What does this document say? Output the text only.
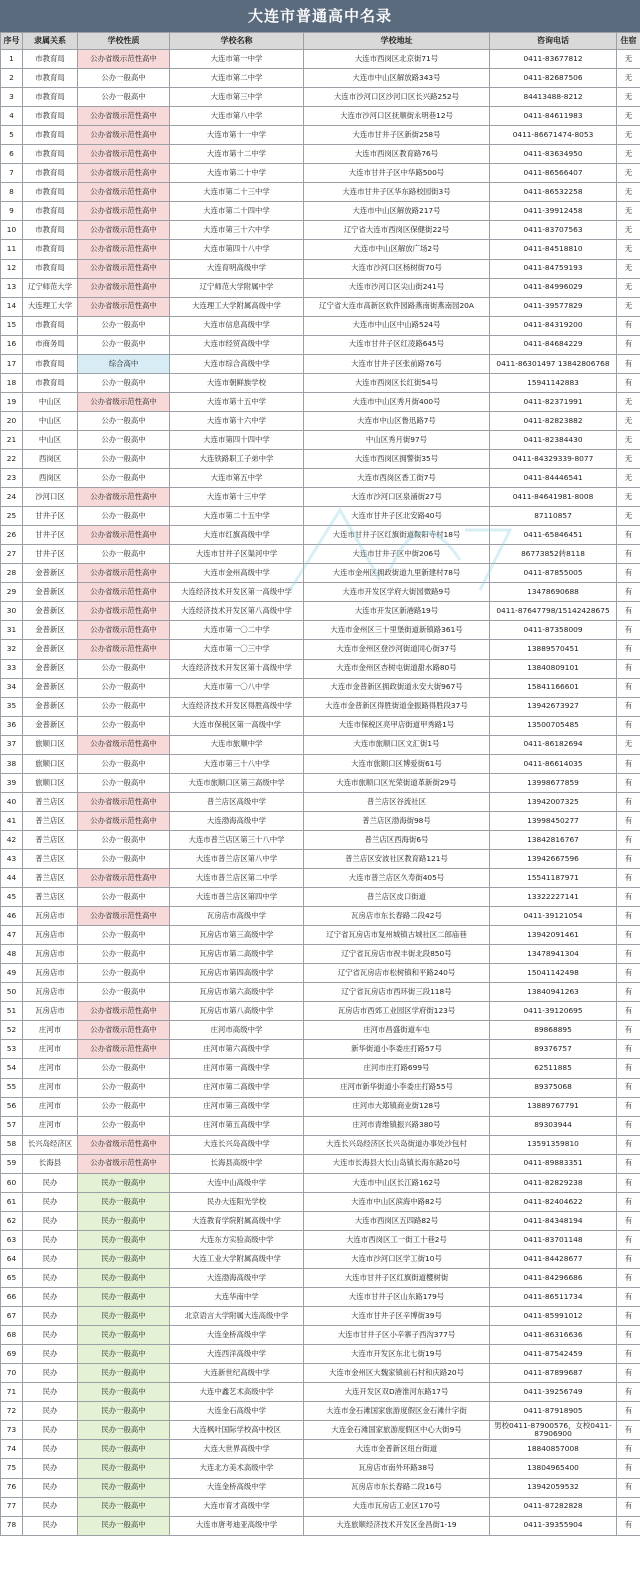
大连市普通高中名录
序号	隶属关系	学校性质	学校名称	学校地址	咨询电话	住宿
1	市教育局	公办省级示范性高中	大连市第一中学	大连市西岗区北京街71号	0411-83677812	无
2	市教育局	公办一般高中	大连市第二中学	大连市中山区解放路343号	0411-82687506	无
3	市教育局	公办一般高中	大连市第三中学	大连市沙河口区沙河口区长兴路252号	84413488-8212	无
4	市教育局	公办省级示范性高中	大连市第八中学	大连市沙河口区抚顺街永明巷12号	0411-84611983	无
5	市教育局	公办省级示范性高中	大连市第十一中学	大连市甘井子区新街258号	0411-86671474-8053	无
6	市教育局	公办省级示范性高中	大连市第十二中学	大连市西岗区教育路76号	0411-83634950	无
7	市教育局	公办省级示范性高中	大连市第二十中学	大连市甘井子区中华路500号	0411-86566407	无
8	市教育局	公办省级示范性高中	大连市第二十三中学	大连市甘井子区华东路校园街3号	0411-86532258	无
9	市教育局	公办省级示范性高中	大连市第二十四中学	大连市中山区解放路217号	0411-39912458	无
10	市教育局	公办省级示范性高中	大连市第三十六中学	辽宁省大连市西岗区保健街22号	0411-83707563	无
11	市教育局	公办省级示范性高中	大连市第四十八中学	大连市中山区解放广场2号	0411-84518810	无
12	市教育局	公办省级示范性高中	大连育明高级中学	大连市沙河口区杨树街70号	0411-84759193	无
13	辽宁师范大学	公办省级示范性高中	辽宁师范大学附属中学	大连市沙河口区尖山街241号	0411-84996029	无
14	大连理工大学	公办省级示范性高中	大连理工大学附属高级中学	辽宁省大连市高新区软件园路燕南街燕南园20A	0411-39577829	无
15	市教育局	公办一般高中	大连市信息高级中学	大连市中山区中山路524号	0411-84319200	有
16	市商务局	公办一般高中	大连市经贸高级中学	大连市甘井子区红凌路645号	0411-84684229	有
17	市教育局	综合高中	大连市综合高级中学	大连市甘井子区张前路76号	0411-86301497 13842806768	有
18	市教育局	公办一般高中	大连市朝鲜族学校	大连市西岗区长红街54号	15941142883	有
19	中山区	公办省级示范性高中	大连市第十五中学	大连市中山区秀月街400号	0411-82371991	无
20	中山区	公办一般高中	大连市第十六中学	大连市中山区鲁迅路7号	0411-82823882	无
21	中山区	公办一般高中	大连市第四十四中学	中山区秀月街97号	0411-82384430	无
22	西岗区	公办一般高中	大连铁路职工子弟中学	大连市西岗区拥警街35号	0411-84329339-8077	无
23	西岗区	公办一般高中	大连市第五中学	大连市西岗区香工街7号	0411-84446541	无
24	沙河口区	公办省级示范性高中	大连市第十三中学	大连市沙河口区泉涌街27号	0411-84641981-8008	无
25	甘井子区	公办一般高中	大连市第二十五中学	大连市甘井子区北安路40号	87110857	无
26	甘井子区	公办省级示范性高中	大连市红旗高级中学	大连市甘井子区红旗街道鞍阳寺村18号	0411-65846451	有
27	甘井子区	公办一般高中	大连市甘井子区渠河中学	大连市甘井子区中街206号	86773852转8118	有
28	金普新区	公办省级示范性高中	大连市金州高级中学	大连市金州区拥政街道九里新建村78号	0411-87855005	有
29	金普新区	公办省级示范性高中	大连经济技术开发区第一高级中学	大连市开发区学府大街园微路9号	13478690688	有
30	金普新区	公办省级示范性高中	大连经济技术开发区第八高级中学	大连市开发区新港路19号	0411-87647798/15142428675	有
31	金普新区	公办省级示范性高中	大连市第一〇二中学	大连市金州区三十里堡街道新镇路361号	0411-87358009	有
32	金普新区	公办省级示范性高中	大连市第一〇三中学	大连市金州区登沙河街道同心街37号	13889570451	有
33	金普新区	公办一般高中	大连经济技术开发区第十高级中学	大连市金州区杏树屯街道甜水路80号	13840809101	有
34	金普新区	公办一般高中	大连市第一〇八中学	大连市金普新区拥政街道永安大街967号	15841166601	有
35	金普新区	公办一般高中	大连经济技术开发区得胜高级中学	大连市金普新区得胜街道金振路得胜段37号	13942673927	有
36	金普新区	公办一般高中	大连市保税区第一高级中学	大连市保税区亮甲店街道甲秀路1号	13500705485	有
37	旅顺口区	公办省级示范性高中	大连市旅顺中学	大连市旅顺口区文汇街1号	0411-86182694	无
38	旅顺口区	公办一般高中	大连市第三十八中学	大连市旅顺口区博爱街61号	0411-86614035	有
39	旅顺口区	公办一般高中	大连市旅顺口区第三高级中学	大连市旅顺口区光荣街道革新街29号	13998677859	有
40	普兰店区	公办省级示范性高中	普兰店区高级中学	普兰店区谷流社区	13942007325	有
41	普兰店区	公办省级示范性高中	大连渤海高级中学	普兰店区渤海街98号	13998450277	有
42	普兰店区	公办一般高中	大连市普兰店区第三十八中学	普兰店区西海街6号	13842816767	有
43	普兰店区	公办一般高中	大连市普兰店区第八中学	普兰店区安波社区教育路121号	13942667596	有
44	普兰店区	公办省级示范性高中	大连市普兰店区第二中学	大连市普兰店区久寿街405号	15541187971	有
45	普兰店区	公办一般高中	大连市普兰店区第四中学	普兰店区皮口街道	13322227141	有
46	瓦房店市	公办省级示范性高中	瓦房店市高级中学	瓦房店市东长春路二段42号	0411-39121054	有
47	瓦房店市	公办一般高中	瓦房店市第三高级中学	辽宁省瓦房店市复州城镇古城社区二郎庙巷	13942091461	有
48	瓦房店市	公办一般高中	瓦房店市第二高级中学	辽宁省瓦房店市祝丰街北段850号	13478941304	有
49	瓦房店市	公办一般高中	瓦房店市第四高级中学	辽宁省瓦房店市松树镇和平路240号	15041142498	有
50	瓦房店市	公办一般高中	瓦房店市第六高级中学	辽宁省瓦房店市西环街三段118号	13840941263	有
51	瓦房店市	公办省级示范性高中	瓦房店市第八高级中学	瓦房店市西郊工业园区学府街123号	0411-39120695	有
52	庄河市	公办省级示范性高中	庄河市高级中学	庄河市昌盛街道车屯	89868895	有
53	庄河市	公办省级示范性高中	庄河市第六高级中学	新华街道小李委庄打路57号	89376757	有
54	庄河市	公办一般高中	庄河市第一高级中学	庄河市庄打路699号	62511885	有
55	庄河市	公办一般高中	庄河市第二高级中学	庄河市新华街道小李委庄打路55号	89375068	有
56	庄河市	公办一般高中	庄河市第三高级中学	庄河市大郑镇商业街128号	13889767791	有
57	庄河市	公办一般高中	庄河市第五高级中学	庄河市青维镇振兴路380号	89303944	有
58	长兴岛经济区	公办省级示范性高中	大连长兴岛高级中学	大连长兴岛经济区长兴岛街道办事处沙包村	13591359810	有
59	长海县	公办省级示范性高中	长海县高级中学	大连市长海县大长山岛镇长海东路20号	0411-89883351	有
60	民办	民办一般高中	大连中山高级中学	大连市中山区长江路162号	0411-82829238	有
61	民办	民办一般高中	民办大连阳光学校	大连市中山区滨海中路82号	0411-82404622	有
62	民办	民办一般高中	大连教育学院附属高级中学	大连市西岗区五四路82号	0411-84348194	有
63	民办	民办一般高中	大连东方实验高级中学	大连市西岗区工一街工十巷2号	0411-83701148	有
64	民办	民办一般高中	大连工业大学附属高级中学	大连市沙河口区学工街10号	0411-84428677	有
65	民办	民办一般高中	大连渤海高级中学	大连市甘井子区红旗街道樱树街	0411-84296686	有
66	民办	民办一般高中	大连华南中学	大连市甘井子区山东路179号	0411-86511734	有
67	民办	民办一般高中	北京语言大学附属大连高级中学	大连市甘井子区辛博街39号	0411-85991012	有
68	民办	民办一般高中	大连金桥高级中学	大连市甘井子区小辛寨子西沟377号	0411-86316636	有
69	民办	民办一般高中	大连西洋高级中学	大连市开发区东北七街19号	0411-87542459	有
70	民办	民办一般高中	大连新世纪高级中学	大连市金州区大魏家镇前石村和庆路20号	0411-87899687	有
71	民办	民办一般高中	大连中鑫艺术高级中学	大连开发区双D港淮河东路17号	0411-39256749	有
72	民办	民办一般高中	大连金石高级中学	大连市金石滩国家旅游度假区金石滩什字街	0411-87918905	有
73	民办	民办一般高中	大连枫叶国际学校高中校区	大连金石滩国家旅游度假区中心大街9号	男校0411-87900576，女校0411-87906900	有
74	民办	民办一般高中	大连大世界高级中学	大连市金普新区纽台街道	18840857008	有
75	民办	民办一般高中	大连北方美术高级中学	瓦房店市南外环路38号	13804965400	有
76	民办	民办一般高中	大连金桥高级中学	瓦房店市东长春路二段16号	13942059532	有
77	民办	民办一般高中	大连市育才高级中学	大连市瓦房店工业区170号	0411-87282828	有
78	民办	民办一般高中	大连市唐考迪亚高级中学	大连旅顺经济技术开发区金昌街1-19	0411-39355904	有
